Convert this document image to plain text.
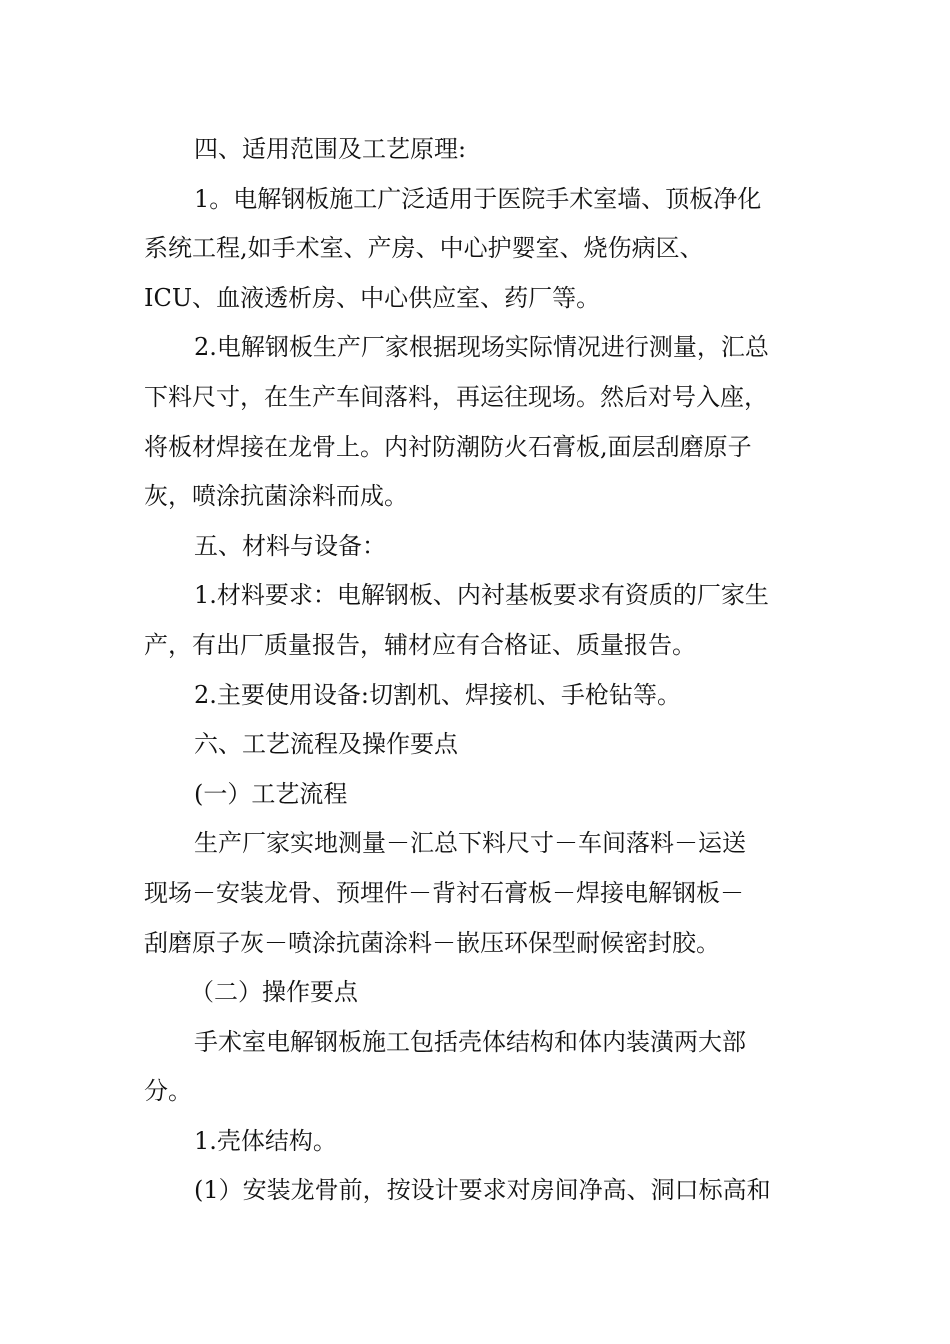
四、适用范围及工艺原理:
1。电解钢板施工广泛适用于医院手术室墙、顶板净化
系统工程,如手术室、产房、中心护婴室、烧伤病区、
ICU、血液透析房、中心供应室、药厂等。
2.电解钢板生产厂家根据现场实际情况进行测量，汇总
下料尺寸，在生产车间落料，再运往现场。然后对号入座，
将板材焊接在龙骨上。内衬防潮防火石膏板,面层刮磨原子
灰，喷涂抗菌涂料而成。
五、材料与设备：
1.材料要求：电解钢板、内衬基板要求有资质的厂家生
产，有出厂质量报告，辅材应有合格证、质量报告。
2.主要使用设备:切割机、焊接机、手枪钻等。
六、工艺流程及操作要点
(一）工艺流程
生产厂家实地测量－汇总下料尺寸－车间落料－运送
现场－安装龙骨、预埋件－背衬石膏板－焊接电解钢板－
刮磨原子灰－喷涂抗菌涂料－嵌压环保型耐候密封胶。
（二）操作要点
手术室电解钢板施工包括壳体结构和体内装潢两大部
分。
1.壳体结构。
(1）安装龙骨前，按设计要求对房间净高、洞口标高和
